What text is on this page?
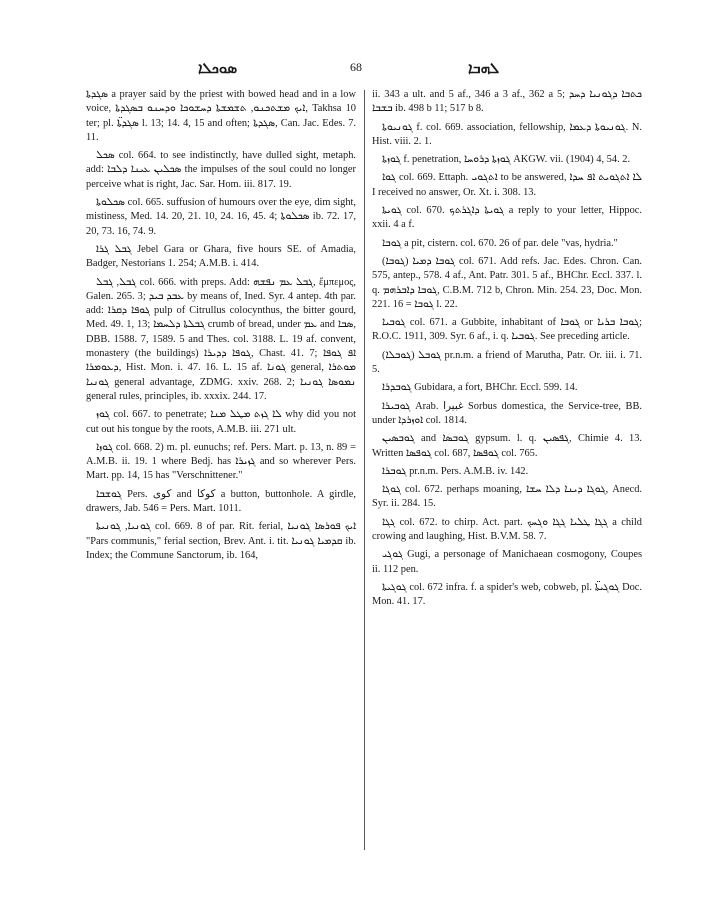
ܣܘܟܠܐ	68	ܠܗܒܐ

ܣܓܕܬܐ a prayer said by the priest with bowed head and in a low voice, ܐܝܟ ܡܫܬܟܢܘ, ܬܫܡܫܬܐ ܕܚܫܘܟܐ ܘܕܚܢܘ ܒܣܓܕܬܐ, Takhsa 10 ter; pl. ܣܓܕܬܐ̈ l. 13; 14. 4, 15 and often; ܣܓܕܬܐ, Can. Jac. Edes. 7. 11.

ܣܟܠ col. 664. to see indistinctly, have dulled sight, metaph. add: ܣܟܠܝܢ ܥܝܢܐ ܕܠܒܐ the impulses of the soul could no longer perceive what is right, Jac. Sar. Hom. iii. 817. 19.

ܣܟܠܘܬܐ col. 665. suffusion of humours over the eye, dim sight, mistiness, Med. 14. 20, 21. 10, 24. 16, 45. 4; ܣܟܠܘܬܐ ib. 72. 17, 20, 73. 16, 74. 9.

ܓܒܠ ܓܪܐ Jebel Gara or Ghara, five hours SE. of Amadia, Badger, Nestorians 1. 254; A.M.B. i. 414.

ܓܒܠ, ܓܒܠ col. 666. with preps. Add: ܓܒܠ ܥܡ ܢܦܫܗ, ἔμπεμος, Galen. 265. 3; ܥܒܕ ܒܝܕ by means of, Ined. Syr. 4 antep. 4th par. add: ܓܘܦܐ ܕܩܪܐ pulp of Citrullus colocynthus, the bitter gourd, Med. 49. 1, 13; ܓܒܠܬܐ ܕܠܚܡܐ crumb of bread, under ܥܡ and ܣܒܐ, DBB. 1588. 7, 1589. 5 and Thes. col. 3188. L. 19 af. convent, monastery (the buildings) ܓܘܦܐ ܕܕܝܪܐ, Chast. 41. 7; ܐܦ ܓܘܦܐ ܕܥܘܡܪܐ, Hist. Mon. i. 47. 16. L. 15 af. ܓܘܢܐ general, ܡܘܬܪܐ ܓܘܢܝܐ general advantage, ZDMG. xxiv. 268. 2; ܢܡܘܣܐ ܓܘܢܝܐ general rules, principles, ib. xxxix. 244. 17.

ܓܘܙ col. 667. to penetrate; ܠܐ ܓܙܬ ܡܛܠ ܡܢܐ why did you not cut out his tongue by the roots, A.M.B. iii. 271 ult.

ܓܘܙܐ col. 668. 2) m. pl. eunuchs; ref. Pers. Mart. p. 13, n. 89 = A.M.B. ii. 19. 1 where Bedj. has ܓܙܝܪܐ and so wherever Pers. Mart. pp. 14, 15 has "Verschnittener."

ܓܘܫܒܐ Pers. كوى and كوكا a button, buttonhole. A girdle, drawers, Jab. 546 = Pers. Mart. 1011.

ܓܘܢܝܐ, ܓܘܢܝܬܐ col. 669. 8 of par. Rit. ferial, ܐܝܟ ܦܘܪܣܐ ܓܘܢܝܐ "Pars communis," ferial section, Brev. Ant. i. tit. ܩܕܡܝܐ ܓܘܢܝܐ ib. Index; the Commune Sanctorum, ib. 164,

ii. 343 a ult. and 5 af., 346 a 3 af., 362 a 5; ܟܬܒܐ ܕܓܘܢܝܐ ܕܚܕ ܒܫܒܐ ib. 498 b 11; 517 b 8.

ܓܘܢܝܘܬܐ f. col. 669. association, fellowship, ܓܘܢܝܘܬܐ ܕܥܡܐ. N. Hist. viii. 2. 1.

ܓܘܙܬܐ f. penetration, ܓܘܙܬܐ ܕܪܘܚܐ AKGW. vii. (1904) 4, 54. 2.

ܓܘܐ col. 669. Ettaph. ܐܬܓܘܝ to be answered, ܠܐ ܐܬܓܘܝܬ ܐܦ ܚܕܐ I received no answer, Or. Xt. i. 308. 13.

ܓܘܝܬܐ col. 670. ܓܘܝܬܐ ܕܐܓܪܬܟ a reply to your letter, Hippoc. xxii. 4 a f.

ܓܘܒܐ a pit, cistern. col. 670. 26 of par. dele "vas, hydria."

ܓܘܒܐ ܕܡܝܐ (ܓܘܒܐ) col. 671. Add refs. Jac. Edes. Chron. Can. 575, antep., 578. 4 af., Ant. Patr. 301. 5 af., BHChr. Eccl. 337. l. q. ܓܘܒܐ ܕܐܒܪܗܡ, C.B.M. 712 b, Chron. Min. 254. 23, Doc. Mon. 221. 16 = ܓܘܒܐ l. 22.

ܓܘܒܝܐ col. 671. a Gubbite, inhabitant of ܓܘܒܐ or ܓܘܒܐ ܒܪܝܐ; R.O.C. 1911, 309. Syr. 6 af., i. q. ܓܘܒܝܐ. See preceding article.

ܓܘܒܠ (ܓܘܒܠܐ) pr.n.m. a friend of Marutha, Patr. Or. iii. i. 71. 5.

ܓܘܒܕܪܐ Gubidara, a fort, BHChr. Eccl. 599. 14.

ܓܘܒܝܪܐ Arab. غبيرا Sorbus domestica, the Service-tree, BB. under ܐܘܙܪܕܐ col. 1814.

ܓܘܒܣܝܢ and ܓܘܒܣܐ gypsum. l. q. ܓܦܣܝܢ, Chimie 4. 13. Written ܓܘܦܣܐ col. 687, ܓܘܦܣܐ col. 765.

ܓܘܒܪܐ pr.n.m. Pers. A.M.B. iv. 142.

ܓܘܓܐ col. 672. perhaps moaning, ܓܘܓܐ ܕܝܢܐ ܕܠܐ ܚܫܐ, Anecd. Syr. ii. 284. 15.

ܓܓܐ col. 672. to chirp. Act. part. ܓܓܐ ܛܠܝܐ ܓܓܐ ܘܓܚܟ a child crowing and laughing, Hist. B.V.M. 58. 7.

ܓܘܓܝ Gugi, a personage of Manichaean cosmogony, Coupes ii. 112 pen.

ܓܘܓܝܬܐ col. 672 infra. f. a spider's web, cobweb, pl. ܓܘܓܝܬܐ̈ Doc. Mon. 41. 17.
